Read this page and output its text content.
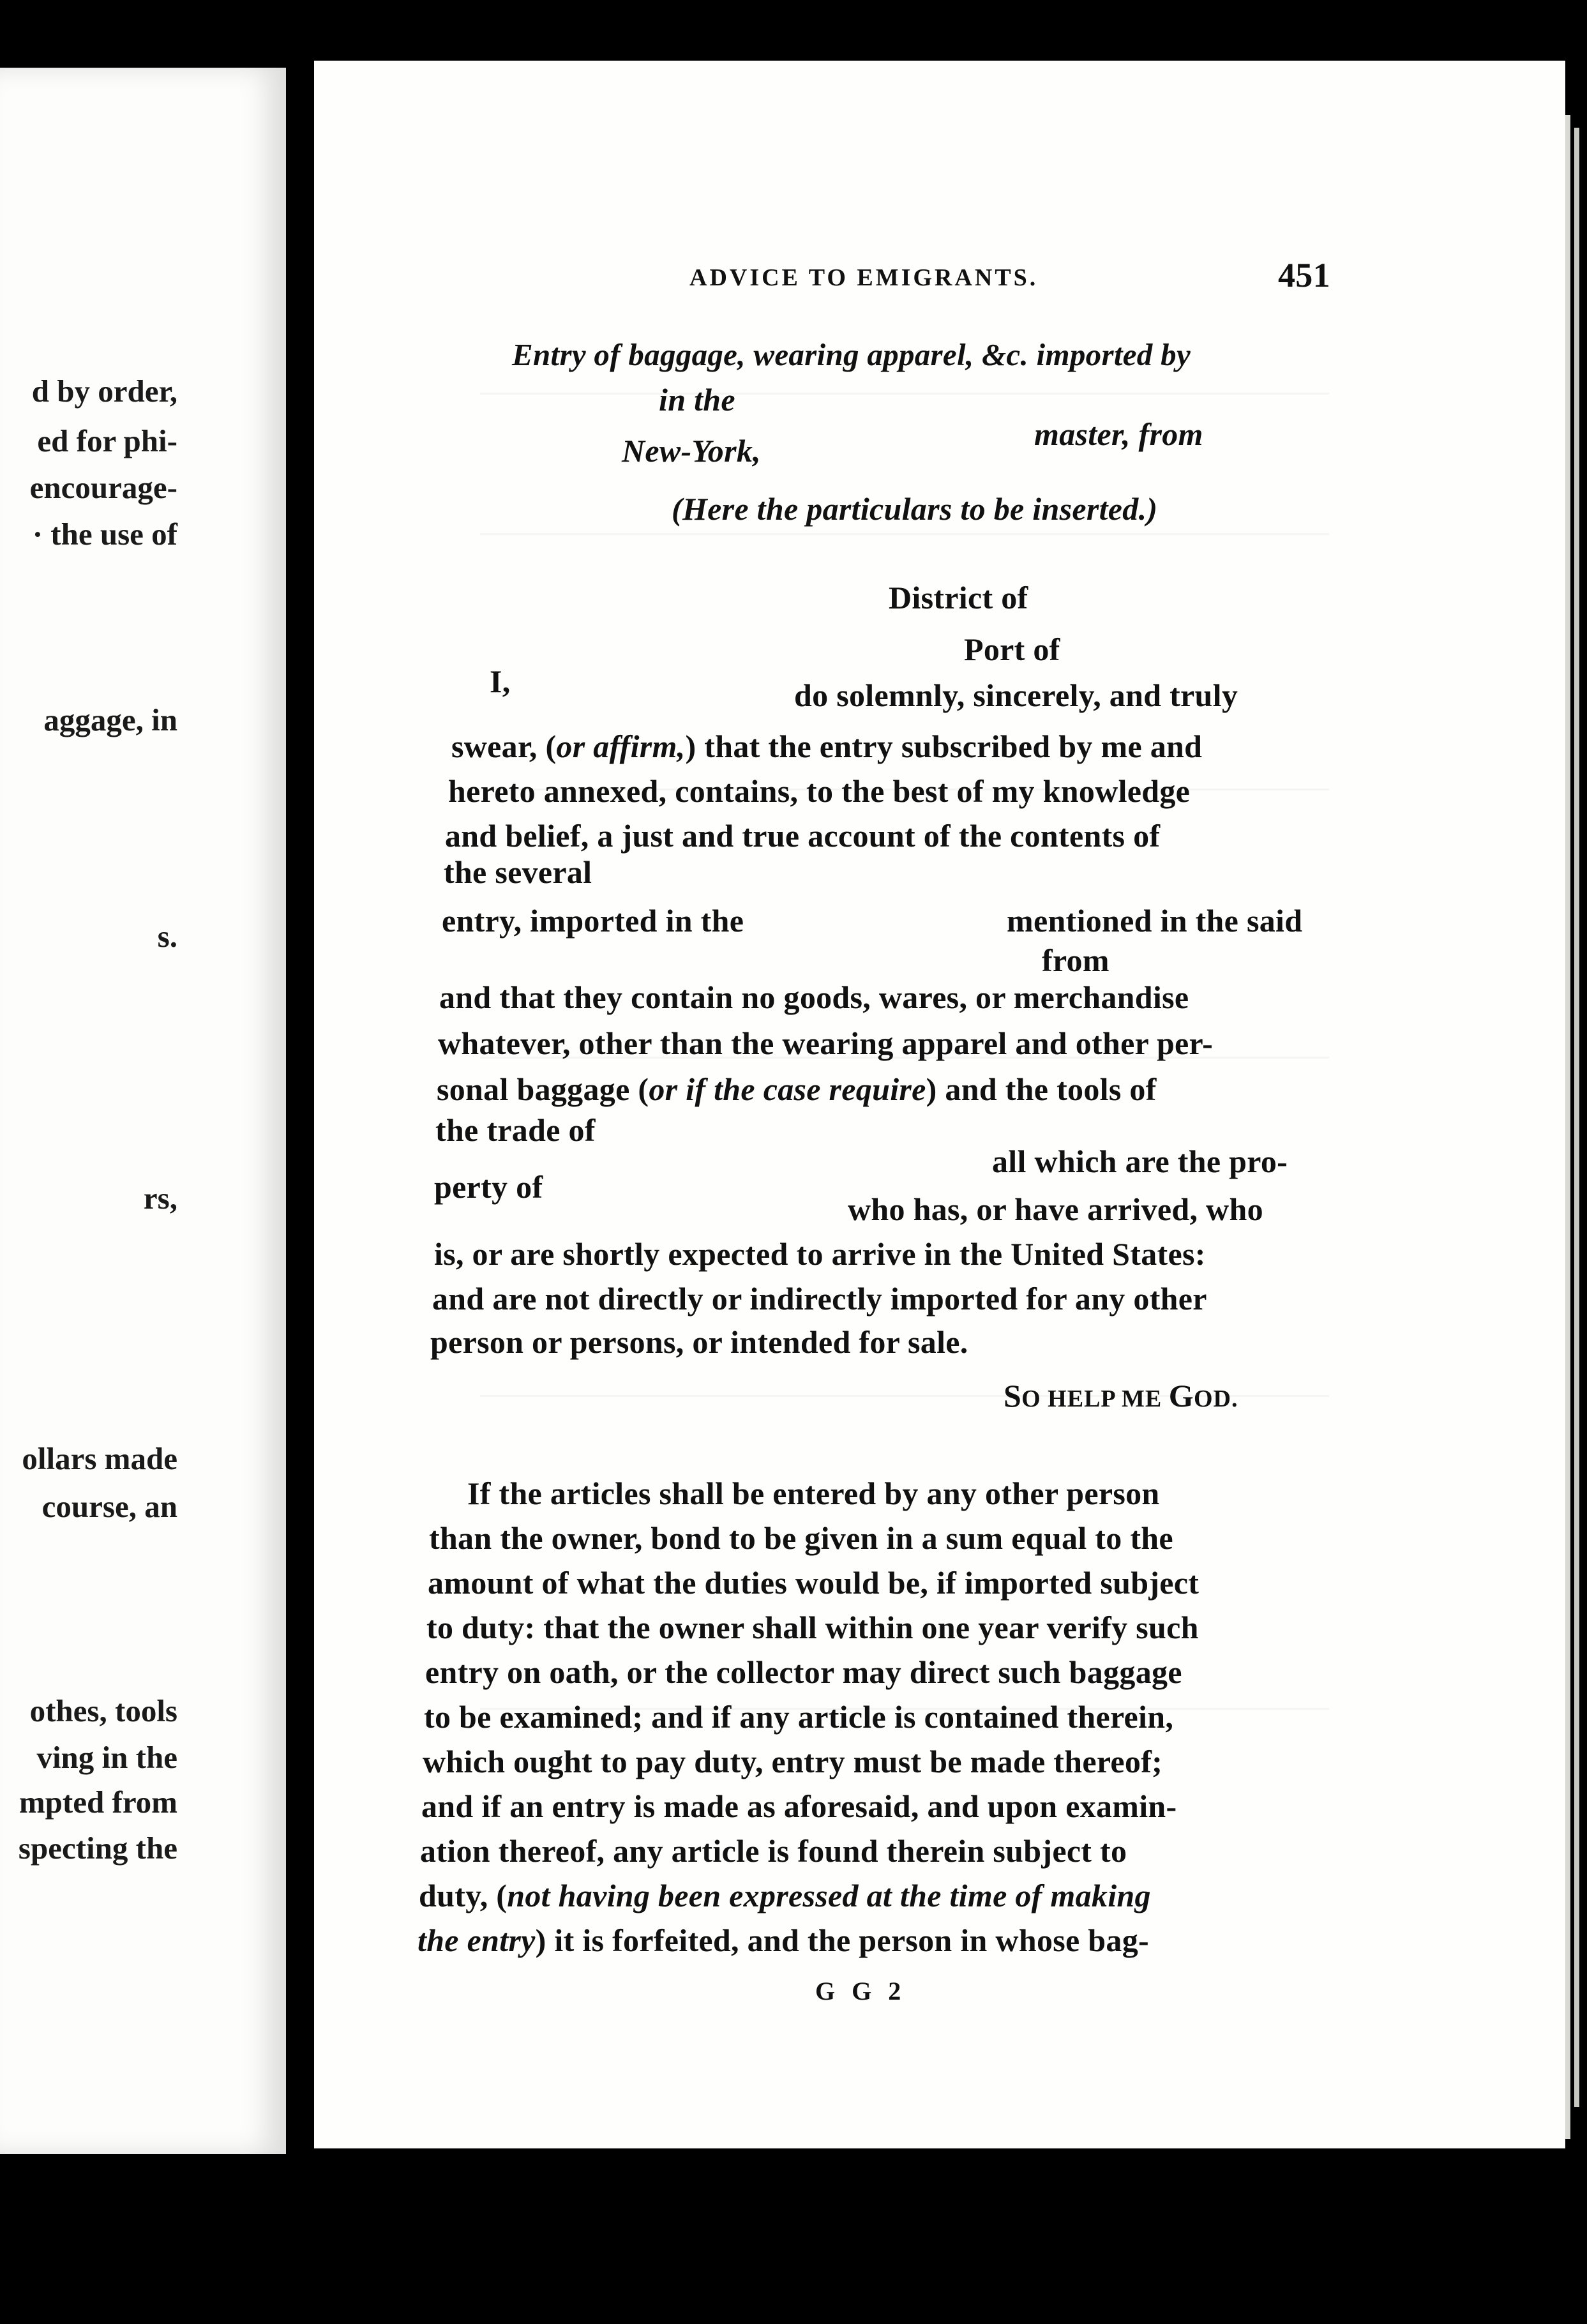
d by order,
ed for phi-
encourage-
· the use of
aggage, in
s.
rs,
ollars made
course, an
othes, tools
ving in the
mpted from
specting the
ADVICE TO EMIGRANTS.	451
Entry of baggage, wearing apparel, &c. imported by
in the
master, from
New-York,
(Here the particulars to be inserted.)
District of
Port of
I,	do solemnly, sincerely, and truly
swear, (or affirm,) that the entry subscribed by me and
hereto annexed, contains, to the best of my knowledge
and belief, a just and true account of the contents of
the several
mentioned in the said
entry, imported in the
from
and that they contain no goods, wares, or merchandise
whatever, other than the wearing apparel and other per-
sonal baggage (or if the case require) and the tools of
the trade of
all which are the pro-
perty of
who has, or have arrived, who
is, or are shortly expected to arrive in the United States:
and are not directly or indirectly imported for any other
person or persons, or intended for sale.
SO HELP ME GOD.
If the articles shall be entered by any other person
than the owner, bond to be given in a sum equal to the
amount of what the duties would be, if imported subject
to duty: that the owner shall within one year verify such
entry on oath, or the collector may direct such baggage
to be examined; and if any article is contained therein,
which ought to pay duty, entry must be made thereof;
and if an entry is made as aforesaid, and upon examin-
ation thereof, any article is found therein subject to
duty, (not having been expressed at the time of making
the entry) it is forfeited, and the person in whose bag-
G G 2
